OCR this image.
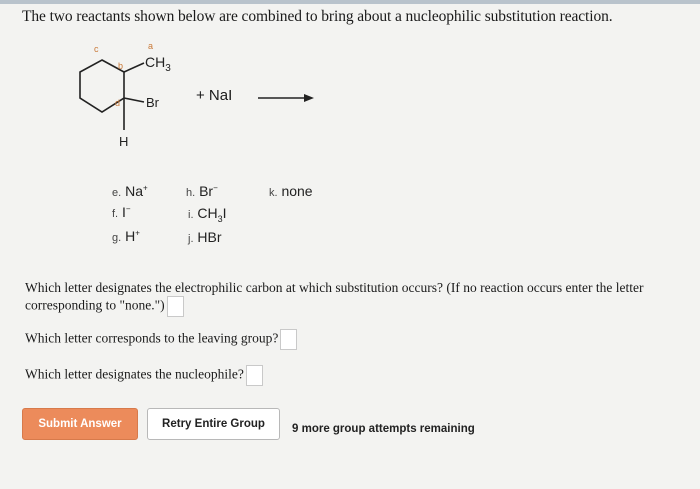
The two reactants shown below are combined to bring about a nucleophilic substitution reaction.
a
b
c
d
$CH_3$
Br
H
+ NaI
e. Na+
f. I−
g. H+
h. Br−
i. $CH_3I$
j. HBr
k. none
Which letter designates the electrophilic carbon at which substitution occurs? (If no reaction occurs enter the letter corresponding to "none.")
Which letter corresponds to the leaving group?
Which letter designates the nucleophile?
Submit Answer	Retry Entire Group	9 more group attempts remaining
